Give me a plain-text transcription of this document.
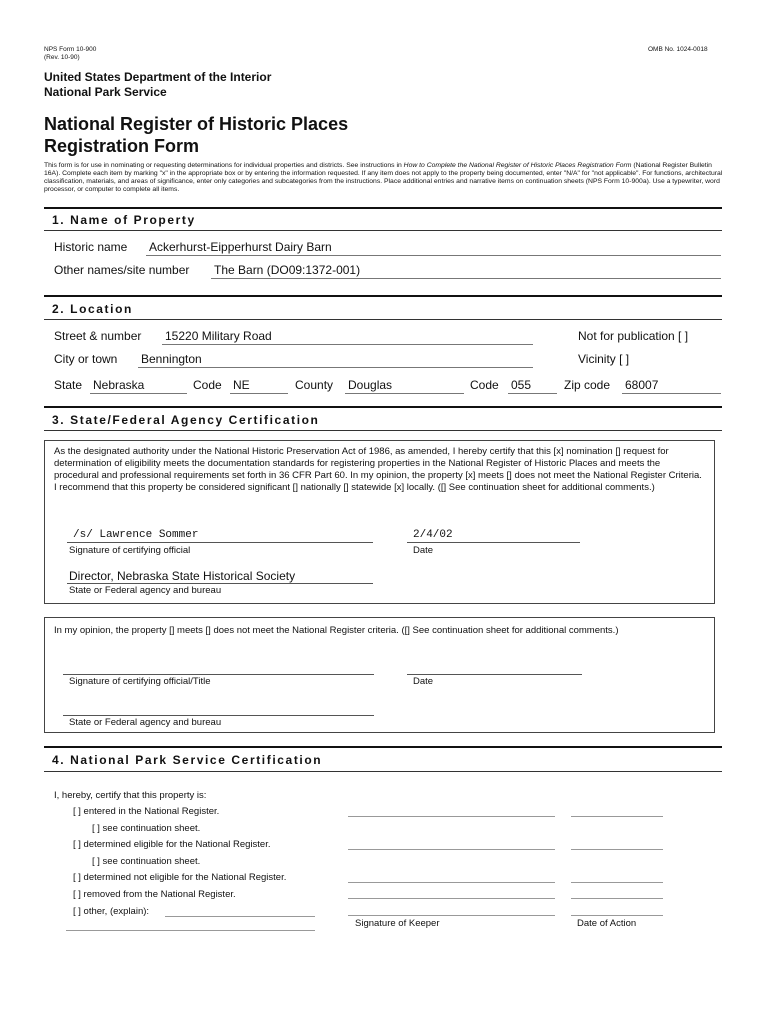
NPS Form 10-900
(Rev. 10-90)
OMB No. 1024-0018
United States Department of the Interior
National Park Service
National Register of Historic Places
Registration Form
This form is for use in nominating or requesting determinations for individual properties and districts. See instructions in How to Complete the National Register of Historic Places Registration Form (National Register Bulletin 16A). Complete each item by marking "x" in the appropriate box or by entering the information requested. If any item does not apply to the property being documented, enter "N/A" for "not applicable". For functions, architectural classification, materials, and areas of significance, enter only categories and subcategories from the instructions. Place additional entries and narrative items on continuation sheets (NPS Form 10-900a). Use a typewriter, word processor, or computer to complete all items.
1. Name of Property
Historic name Ackerhurst-Eipperhurst Dairy Barn
Other names/site number The Barn (DO09:1372-001)
2. Location
Street & number 15220 Military Road	Not for publication [ ]
City or town Bennington	Vicinity [ ]
State Nebraska	Code NE	County Douglas	Code 055	Zip code 68007
3. State/Federal Agency Certification
As the designated authority under the National Historic Preservation Act of 1986, as amended, I hereby certify that this [x] nomination [] request for determination of eligibility meets the documentation standards for registering properties in the National Register of Historic Places and meets the procedural and professional requirements set forth in 36 CFR Part 60. In my opinion, the property [x] meets [] does not meet the National Register Criteria. I recommend that this property be considered significant [] nationally [] statewide [x] locally. ([] See continuation sheet for additional comments.)
/s/ Lawrence Sommer
Signature of certifying official
2/4/02
Date
Director, Nebraska State Historical Society
State or Federal agency and bureau
In my opinion, the property [] meets [] does not meet the National Register criteria. ([] See continuation sheet for additional comments.)
Signature of certifying official/Title	Date
State or Federal agency and bureau
4. National Park Service Certification
I, hereby, certify that this property is:
[ ] entered in the National Register.
[ ] see continuation sheet.
[ ] determined eligible for the National Register.
[ ] see continuation sheet.
[ ] determined not eligible for the National Register.
[ ] removed from the National Register.
[ ] other, (explain):
Signature of Keeper	Date of Action
